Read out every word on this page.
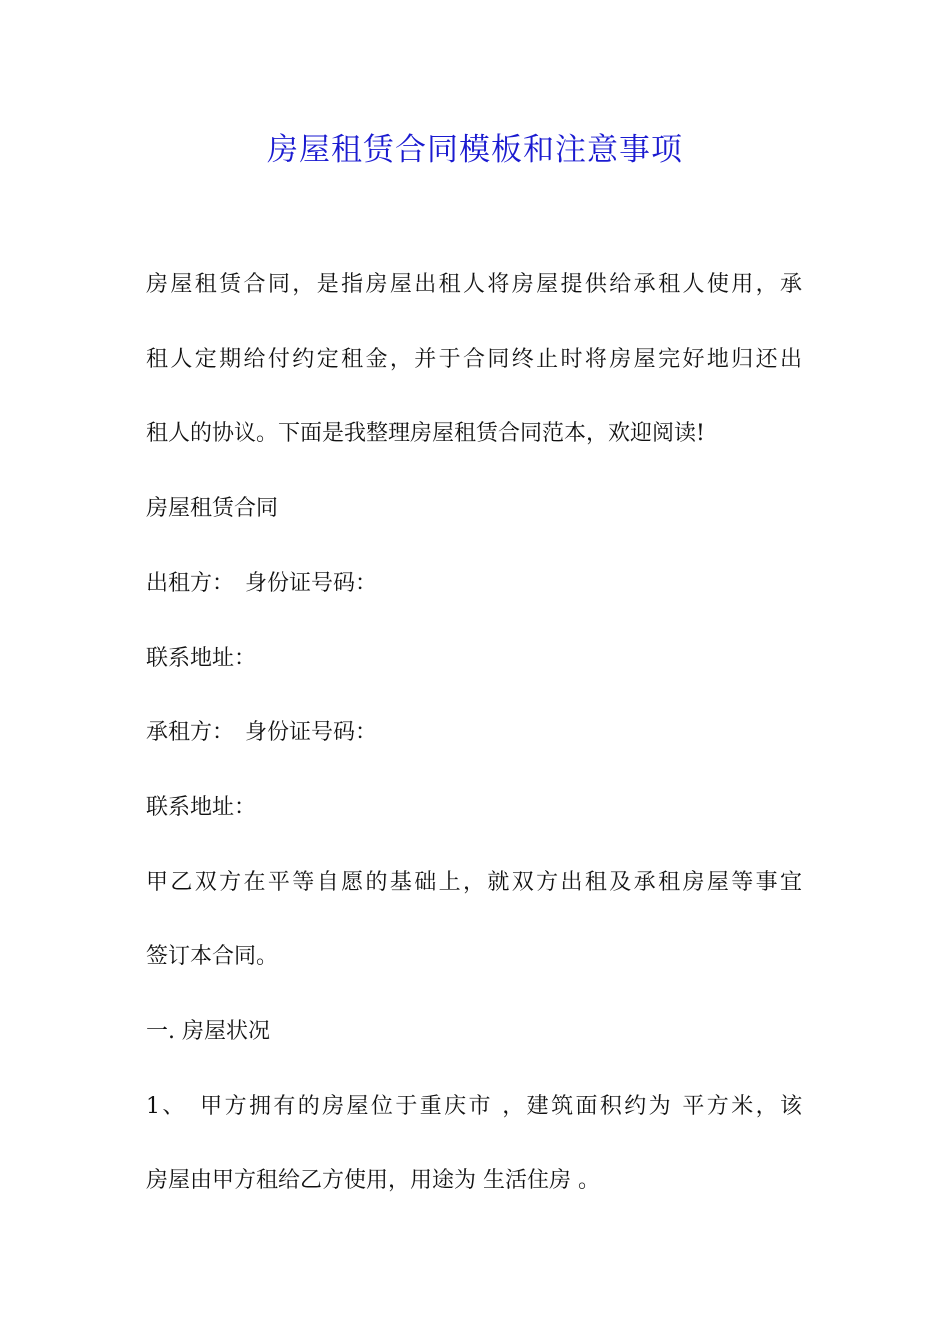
房屋租赁合同模板和注意事项
房屋租赁合同，是指房屋出租人将房屋提供给承租人使用，承
租人定期给付约定租金，并于合同终止时将房屋完好地归还出
租人的协议。下面是我整理房屋租赁合同范本，欢迎阅读!
房屋租赁合同
出租方：　身份证号码：
联系地址：
承租方：　身份证号码：
联系地址：
甲乙双方在平等自愿的基础上，就双方出租及承租房屋等事宜
签订本合同。
一. 房屋状况
1、　甲方拥有的房屋位于重庆市 ，建筑面积约为 平方米，该
房屋由甲方租给乙方使用，用途为 生活住房 。
